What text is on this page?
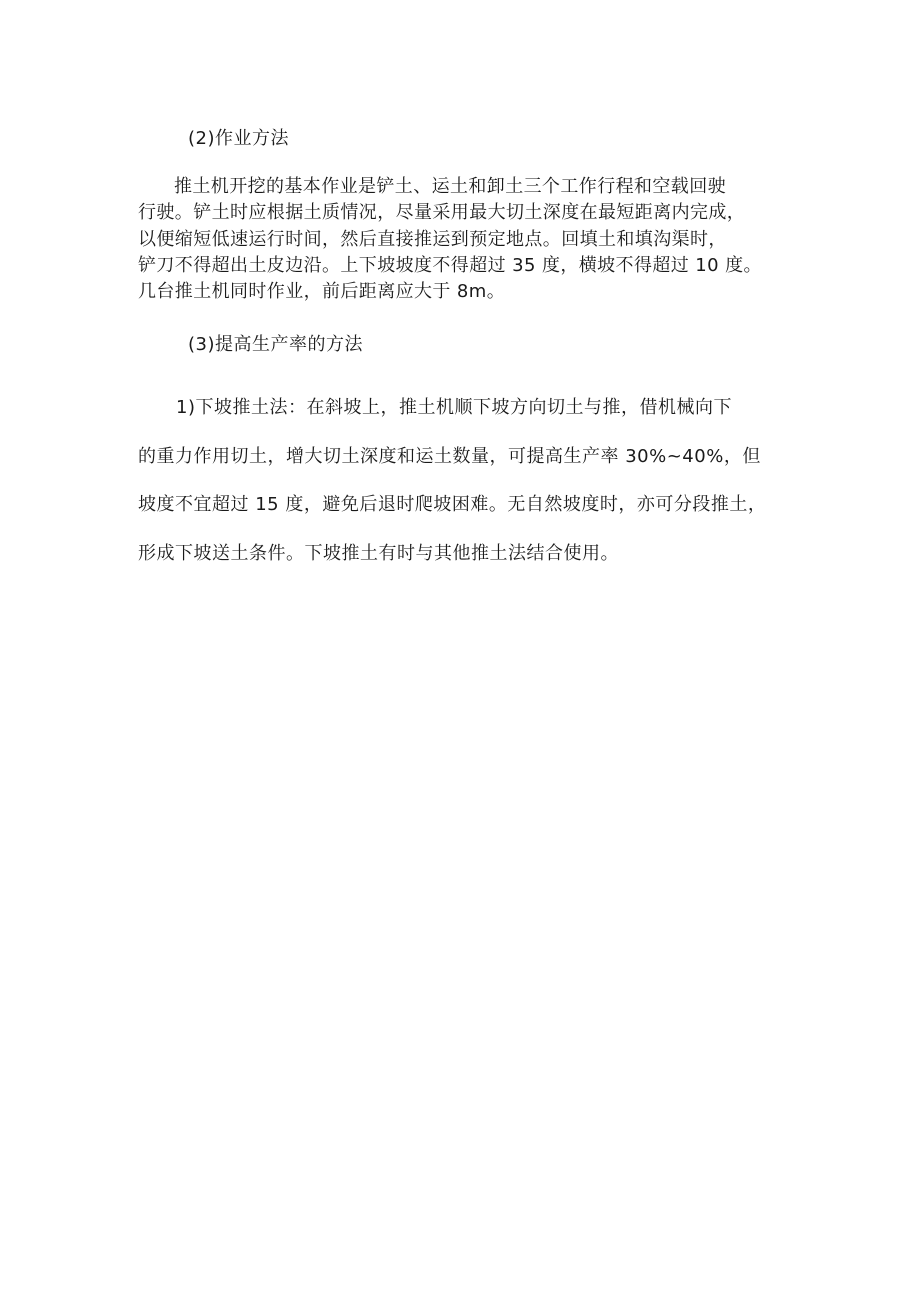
(2)作业方法

推土机开挖的基本作业是铲土、运土和卸土三个工作行程和空载回驶
行驶。铲土时应根据土质情况，尽量采用最大切土深度在最短距离内完成，
以便缩短低速运行时间，然后直接推运到预定地点。回填土和填沟渠时，
铲刀不得超出土皮边沿。上下坡坡度不得超过 35 度，横坡不得超过 10 度。
几台推土机同时作业，前后距离应大于 8m。

(3)提高生产率的方法

1)下坡推土法：在斜坡上，推土机顺下坡方向切土与推，借机械向下
的重力作用切土，增大切土深度和运土数量，可提高生产率 30%~40%，但
坡度不宜超过 15 度，避免后退时爬坡困难。无自然坡度时，亦可分段推土，
形成下坡送土条件。下坡推土有时与其他推土法结合使用。
